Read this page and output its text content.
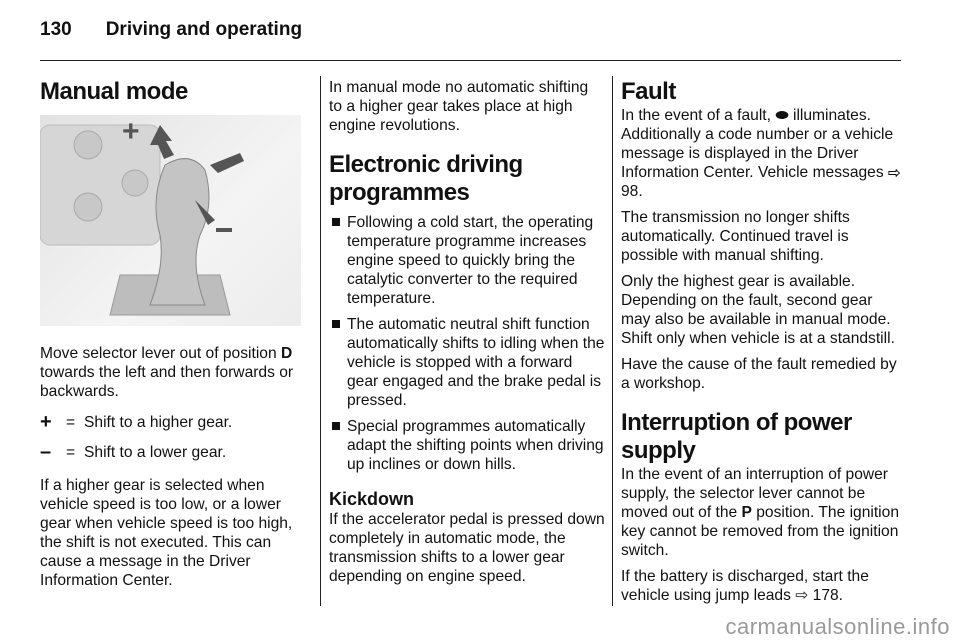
130 Driving and operating
Manual mode
+

Move selector lever out of position D towards the left and then forwards or backwards.

+ = Shift to a higher gear.
– = Shift to a lower gear.

If a higher gear is selected when vehicle speed is too low, or a lower gear when vehicle speed is too high, the shift is not executed. This can cause a message in the Driver Information Center.

In manual mode no automatic shifting to a higher gear takes place at high engine revolutions.

Electronic driving programmes
Following a cold start, the operating temperature programme increases engine speed to quickly bring the catalytic converter to the required temperature.
The automatic neutral shift function automatically shifts to idling when the vehicle is stopped with a forward gear engaged and the brake pedal is pressed.
Special programmes automatically adapt the shifting points when driving up inclines or down hills.
Kickdown

If the accelerator pedal is pressed down completely in automatic mode, the transmission shifts to a lower gear depending on engine speed.

Fault

In the event of a fault, ⬬ illuminates. Additionally a code number or a vehicle message is displayed in the Driver Information Center. Vehicle messages ⇨ 98.

The transmission no longer shifts automatically. Continued travel is possible with manual shifting.

Only the highest gear is available. Depending on the fault, second gear may also be available in manual mode. Shift only when vehicle is at a standstill.

Have the cause of the fault remedied by a workshop.

Interruption of power supply

In the event of an interruption of power supply, the selector lever cannot be moved out of the P position. The ignition key cannot be removed from the ignition switch.

If the battery is discharged, start the vehicle using jump leads ⇨ 178.

carmanualsonline.info
